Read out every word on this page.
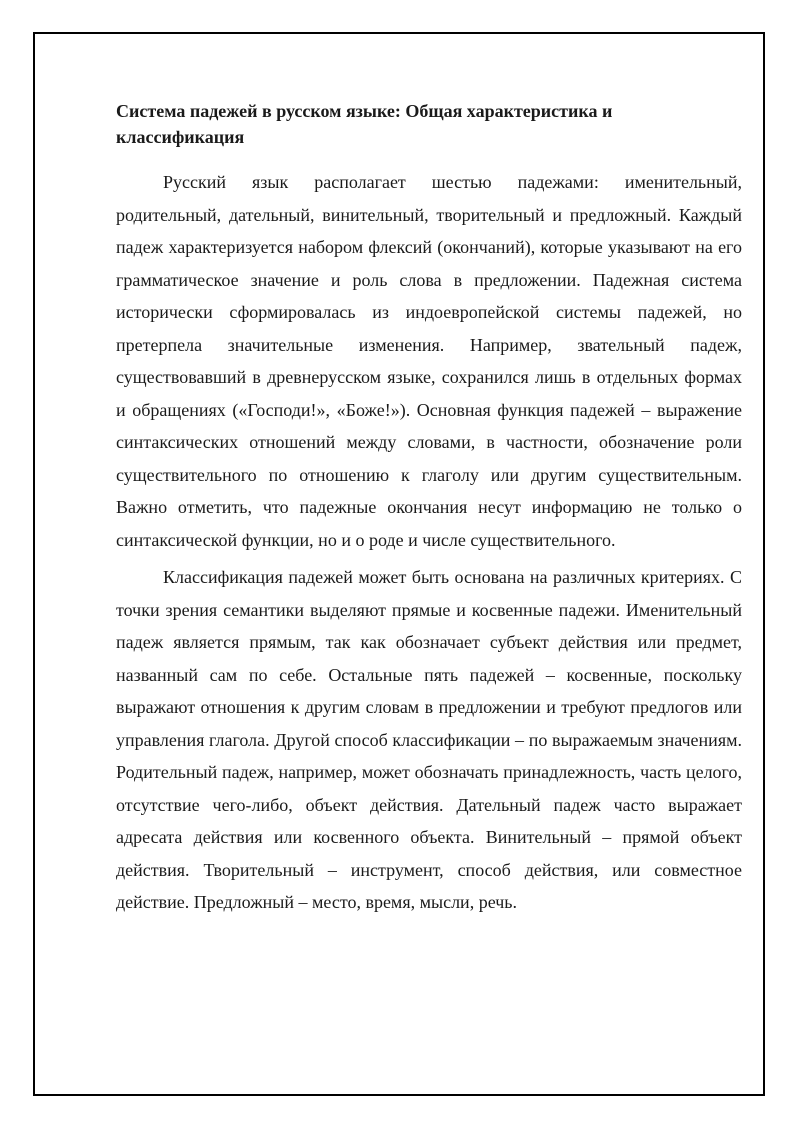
Система падежей в русском языке: Общая характеристика и классификация

Русский язык располагает шестью падежами: именительный, родительный, дательный, винительный, творительный и предложный. Каждый падеж характеризуется набором флексий (окончаний), которые указывают на его грамматическое значение и роль слова в предложении. Падежная система исторически сформировалась из индоевропейской системы падежей, но претерпела значительные изменения. Например, звательный падеж, существовавший в древнерусском языке, сохранился лишь в отдельных формах и обращениях («Господи!», «Боже!»). Основная функция падежей – выражение синтаксических отношений между словами, в частности, обозначение роли существительного по отношению к глаголу или другим существительным. Важно отметить, что падежные окончания несут информацию не только о синтаксической функции, но и о роде и числе существительного.

Классификация падежей может быть основана на различных критериях. С точки зрения семантики выделяют прямые и косвенные падежи. Именительный падеж является прямым, так как обозначает субъект действия или предмет, названный сам по себе. Остальные пять падежей – косвенные, поскольку выражают отношения к другим словам в предложении и требуют предлогов или управления глагола. Другой способ классификации – по выражаемым значениям. Родительный падеж, например, может обозначать принадлежность, часть целого, отсутствие чего-либо, объект действия. Дательный падеж часто выражает адресата действия или косвенного объекта. Винительный – прямой объект действия. Творительный – инструмент, способ действия, или совместное действие. Предложный – место, время, мысли, речь.
